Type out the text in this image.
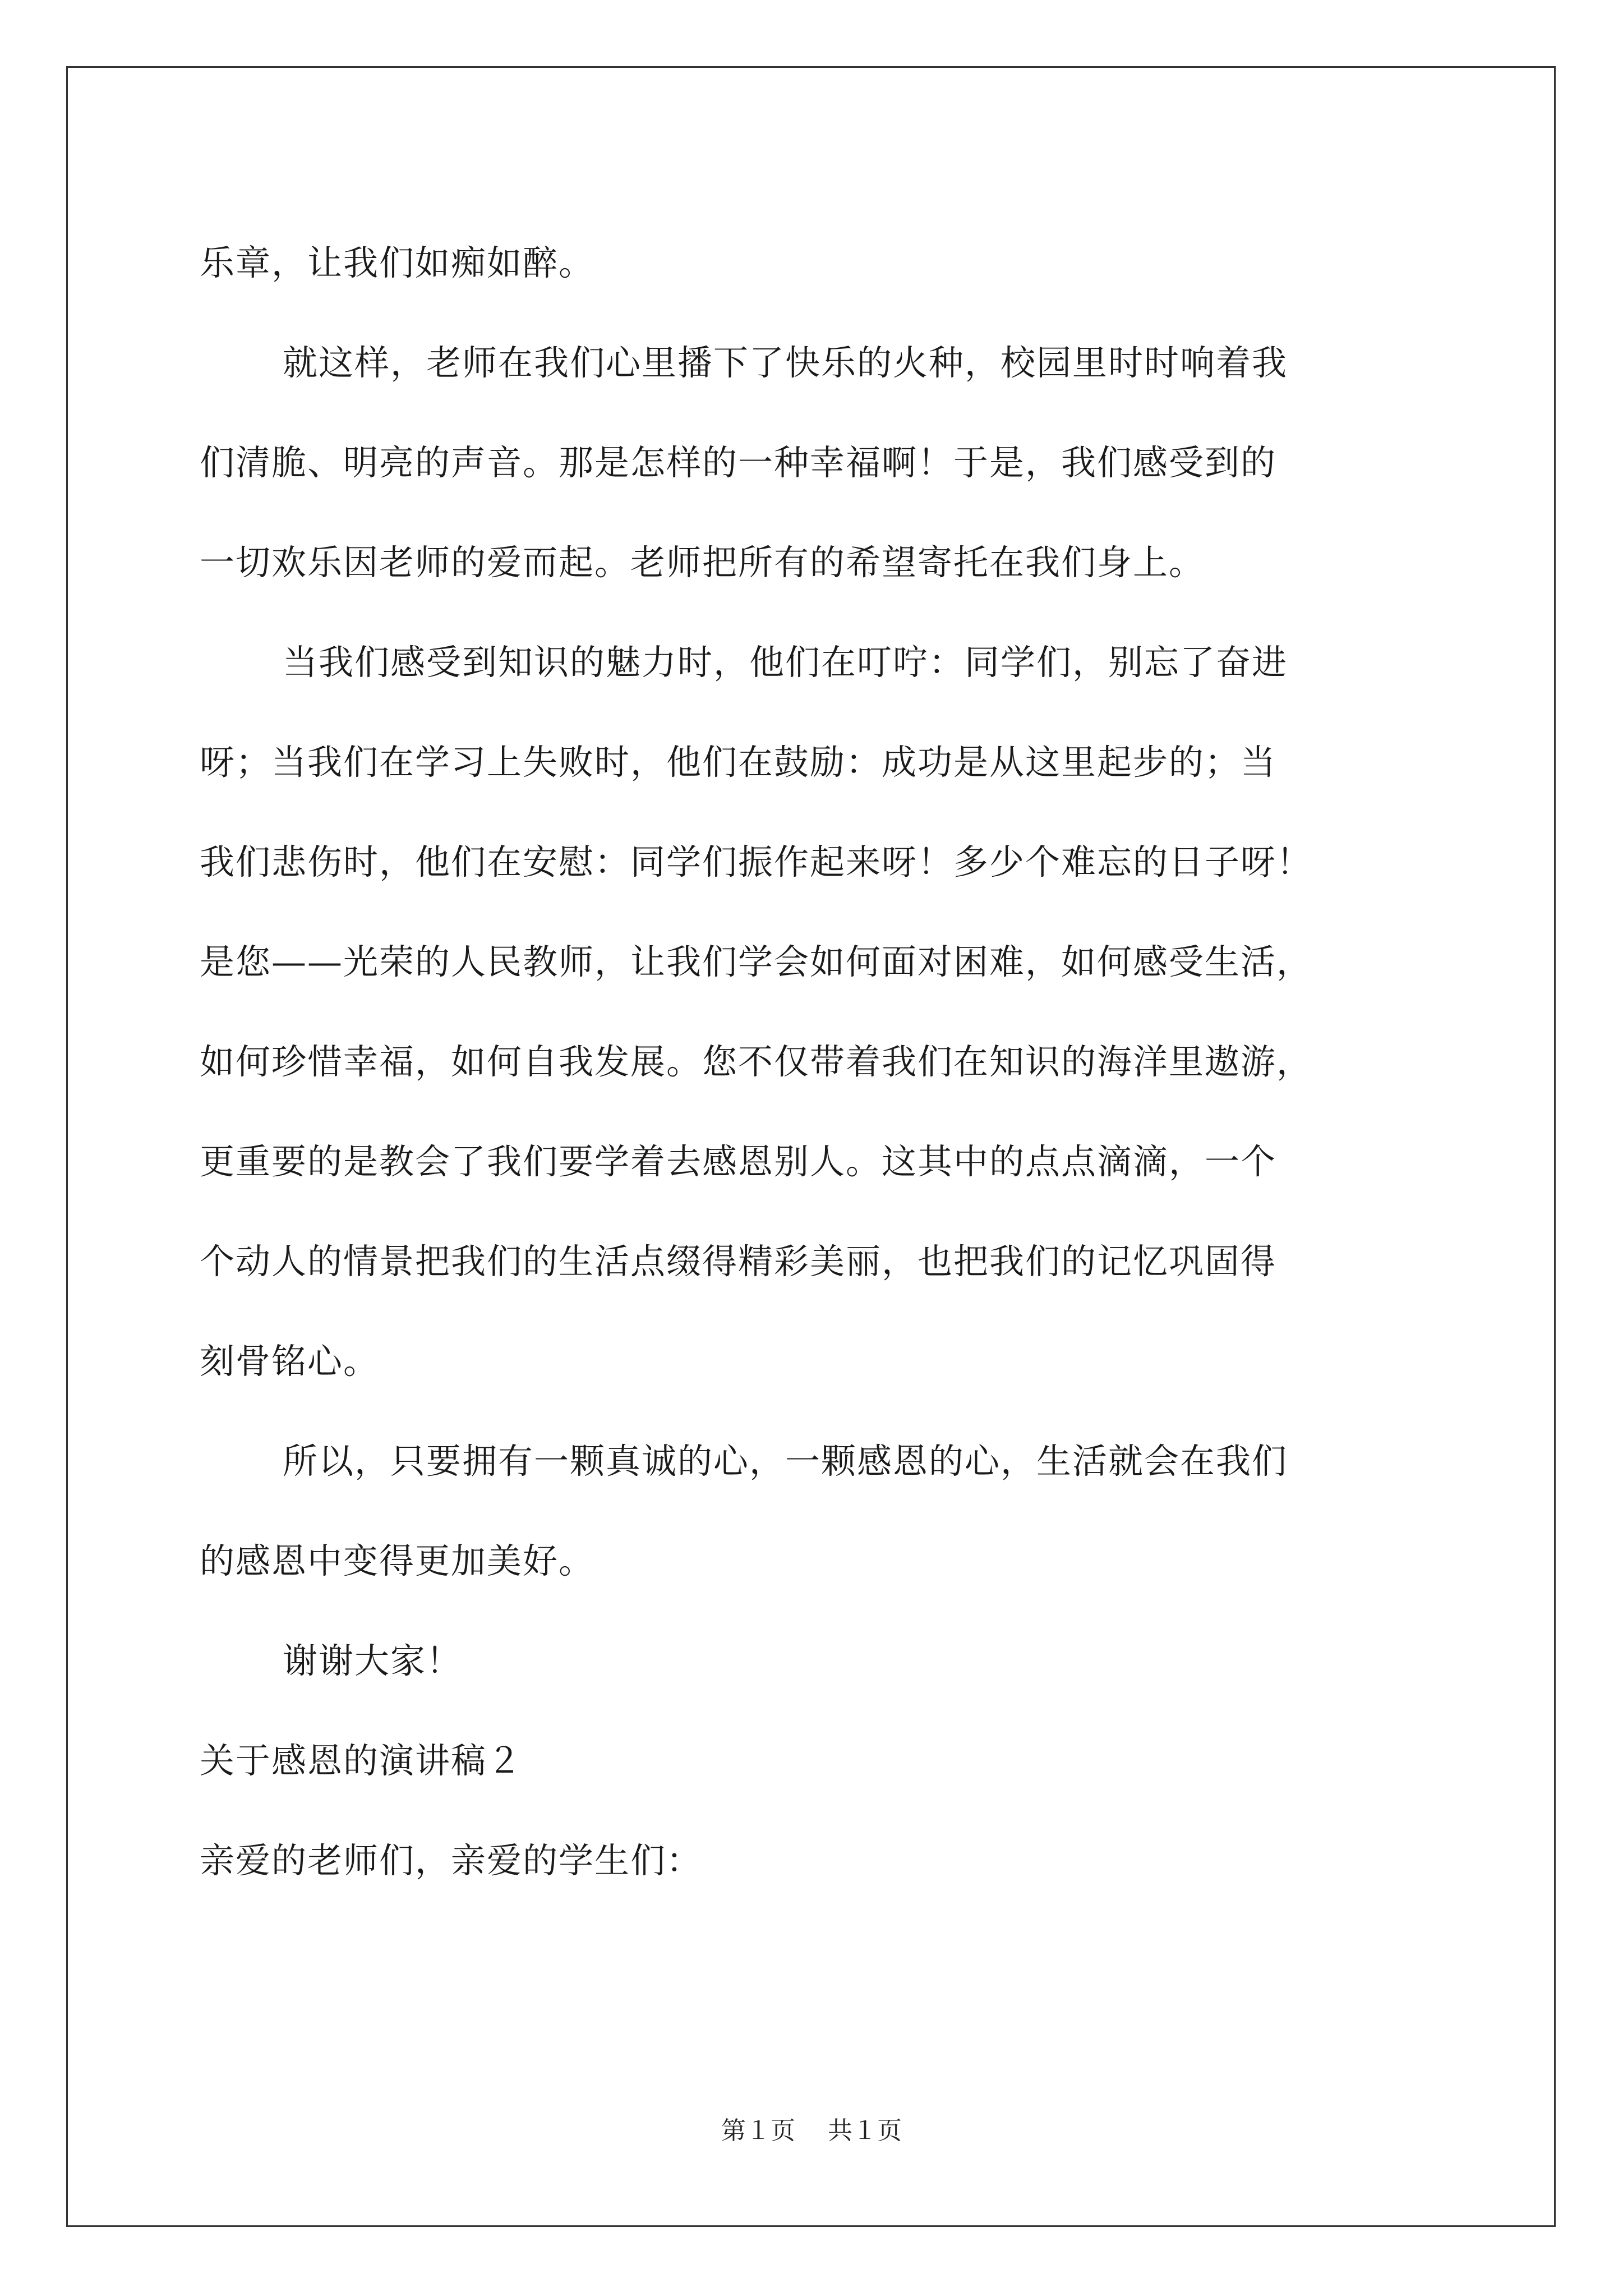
乐章，让我们如痴如醉。
就这样，老师在我们心里播下了快乐的火种，校园里时时响着我
们清脆、明亮的声音。那是怎样的一种幸福啊！于是，我们感受到的
一切欢乐因老师的爱而起。老师把所有的希望寄托在我们身上。
当我们感受到知识的魅力时，他们在叮咛：同学们，别忘了奋进
呀；当我们在学习上失败时，他们在鼓励：成功是从这里起步的；当
我们悲伤时，他们在安慰：同学们振作起来呀！多少个难忘的日子呀！
是您——光荣的人民教师，让我们学会如何面对困难，如何感受生活，
如何珍惜幸福，如何自我发展。您不仅带着我们在知识的海洋里遨游，
更重要的是教会了我们要学着去感恩别人。这其中的点点滴滴，一个
个动人的情景把我们的生活点缀得精彩美丽，也把我们的记忆巩固得
刻骨铭心。
所以，只要拥有一颗真诚的心，一颗感恩的心，生活就会在我们
的感恩中变得更加美好。
谢谢大家！
关于感恩的演讲稿２
亲爱的老师们，亲爱的学生们：
第１页 共１页
